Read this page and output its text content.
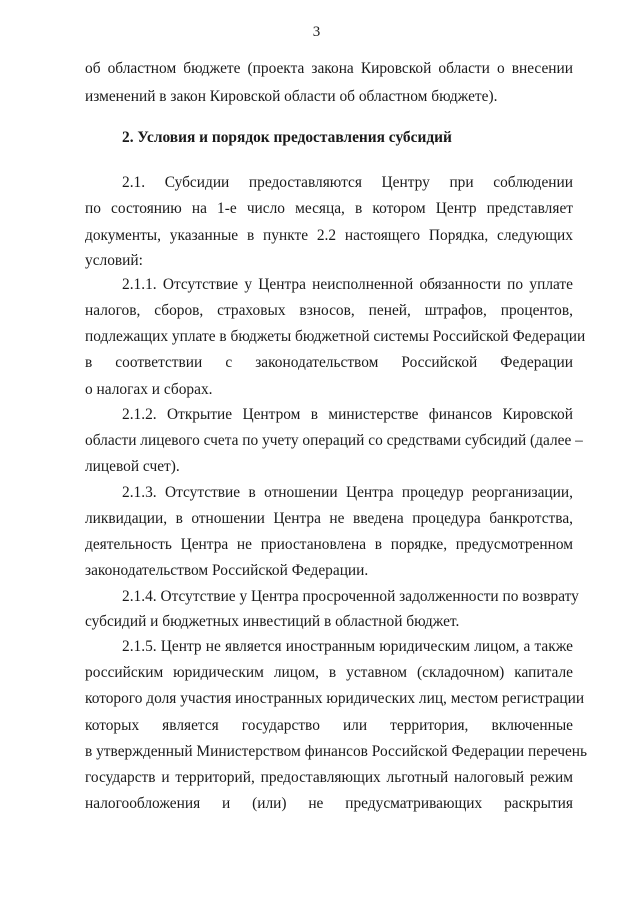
3
об областном бюджете (проекта закона Кировской области о внесении
изменений в закон Кировской области об областном бюджете).
2. Условия и порядок предоставления субсидий
2.1. Субсидии предоставляются Центру при соблюдении
по состоянию на 1-е число месяца, в котором Центр представляет
документы, указанные в пункте 2.2 настоящего Порядка, следующих
условий:
2.1.1. Отсутствие у Центра неисполненной обязанности по уплате
налогов, сборов, страховых взносов, пеней, штрафов, процентов,
подлежащих уплате в бюджеты бюджетной системы Российской Федерации
в соответствии с законодательством Российской Федерации
о налогах и сборах.
2.1.2. Открытие Центром в министерстве финансов Кировской
области лицевого счета по учету операций со средствами субсидий (далее –
лицевой счет).
2.1.3. Отсутствие в отношении Центра процедур реорганизации,
ликвидации, в отношении Центра не введена процедура банкротства,
деятельность Центра не приостановлена в порядке, предусмотренном
законодательством Российской Федерации.
2.1.4. Отсутствие у Центра просроченной задолженности по возврату
субсидий и бюджетных инвестиций в областной бюджет.
2.1.5. Центр не является иностранным юридическим лицом, а также
российским юридическим лицом, в уставном (складочном) капитале
которого доля участия иностранных юридических лиц, местом регистрации
которых является государство или территория, включенные
в утвержденный Министерством финансов Российской Федерации перечень
государств и территорий, предоставляющих льготный налоговый режим
налогообложения и (или) не предусматривающих раскрытия
